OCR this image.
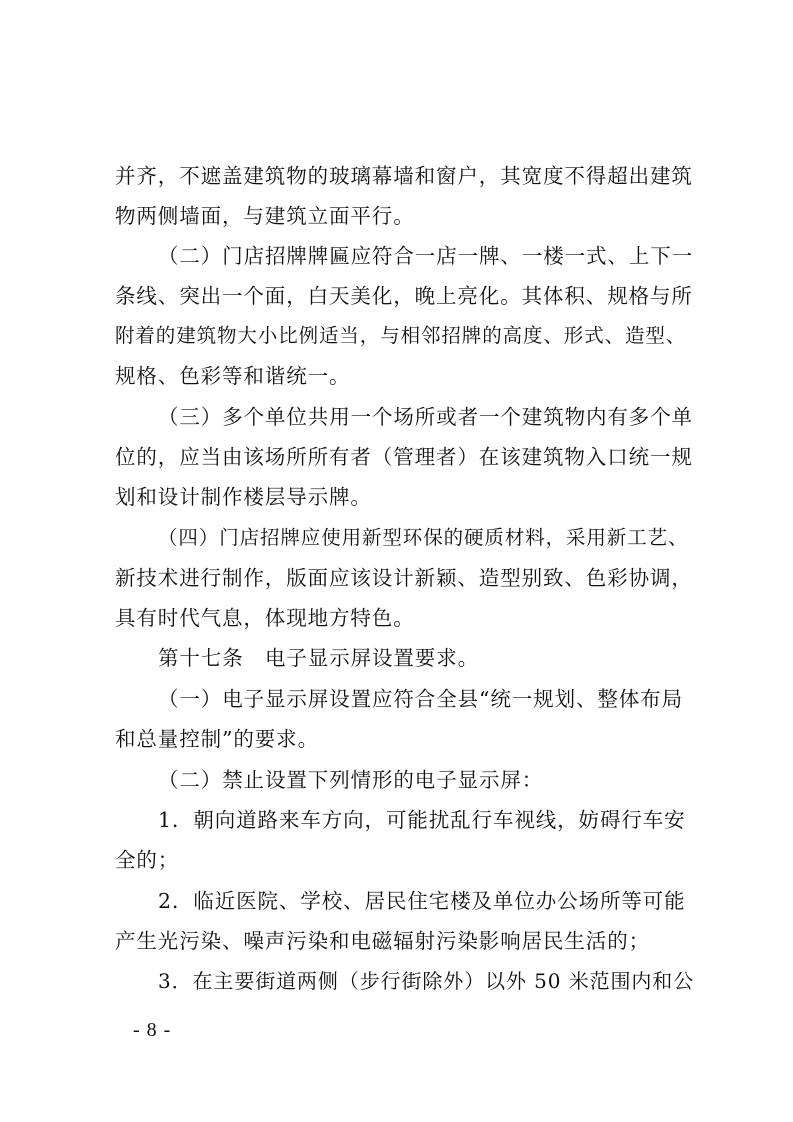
并齐，不遮盖建筑物的玻璃幕墙和窗户，其宽度不得超出建筑
物两侧墙面，与建筑立面平行。
（二）门店招牌牌匾应符合一店一牌、一楼一式、上下一
条线、突出一个面，白天美化，晚上亮化。其体积、规格与所
附着的建筑物大小比例适当，与相邻招牌的高度、形式、造型、
规格、色彩等和谐统一。
（三）多个单位共用一个场所或者一个建筑物内有多个单
位的，应当由该场所所有者（管理者）在该建筑物入口统一规
划和设计制作楼层导示牌。
（四）门店招牌应使用新型环保的硬质材料，采用新工艺、
新技术进行制作，版面应该设计新颖、造型别致、色彩协调，
具有时代气息，体现地方特色。
第十七条　电子显示屏设置要求。
（一）电子显示屏设置应符合全县“统一规划、整体布局
和总量控制”的要求。
（二）禁止设置下列情形的电子显示屏：
1．朝向道路来车方向，可能扰乱行车视线，妨碍行车安
全的；
2．临近医院、学校、居民住宅楼及单位办公场所等可能
产生光污染、噪声污染和电磁辐射污染影响居民生活的；
3．在主要街道两侧（步行街除外）以外 50 米范围内和公
- 8 -
